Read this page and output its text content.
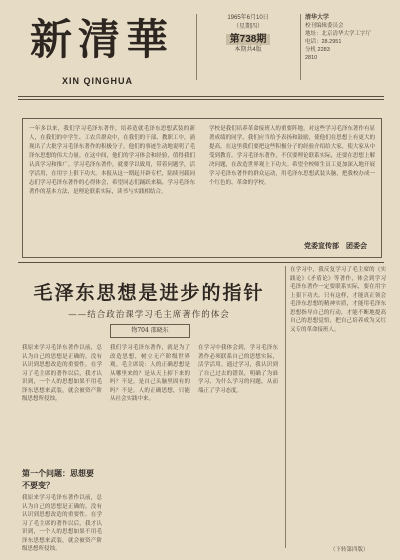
新清華
XIN QINGHUA
1965年6月10日
（星期四）
第738期
本期共4版
清华大学
校刊编辑委员会
地址：北京清华大学工字厅
电话：28.2951
分机 2283
2810
一年多以来，我们学习毛泽东著作，培养造就毛泽东思想武装的新人，在我们的中学生、工农兵群众中，在我们的干部、教职工中，涌现出了大批学习毛泽东著作的积极分子，他们的事迹生动地说明了毛泽东思想的伟大力量。在这中间，他们的学习体会和经验，值得我们认真学习和推广。学习毛泽东著作，就要学以致用，带着问题学，活学活用，在用字上狠下功夫。本报从这一期起开辟专栏，陆续刊载同志们学习毛泽东著作的心得体会，希望同志们踊跃来稿。学习毛泽东著作的基本方法，是理论联系实际，读书与实践相结合。
学校是我们培养革命接班人的重要阵地，对这些学习毛泽东著作有显著成绩的同学，我们应当给予表扬和鼓励，使他们在思想上有更大的提高。在这里我们要把这些积极分子的经验介绍给大家，使大家从中受到教育。学习毛泽东著作，不仅要理论联系实际，还要在思想上解决问题，在改造世界观上下功夫。希望全校师生员工更加深入地开展学习毛泽东著作的群众运动，用毛泽东思想武装头脑，把我校办成一个红色的、革命的学校。
党委宣传部　团委会
毛泽东思想是进步的指针
——结合政治课学习毛主席著作的体会
物704 邵晓东
我原来学习毛泽东著作以前，总认为自己的思想是正确的，没有认识到思想改造的重要性。在学习了毛主席的著作以后，我才认识到，一个人的思想如果不用毛泽东思想来武装，就会被资产阶级思想所侵蚀。
第一个问题：思想要
不要变？
我原来学习毛泽东著作以前，总认为自己的思想是正确的，没有认识到思想改造的重要性。在学习了毛主席的著作以后，我才认识到，一个人的思想如果不用毛泽东思想来武装，就会被资产阶级思想所侵蚀。
我们学习毛泽东著作，就是为了改造思想，树立无产阶级世界观。毛主席说：人的正确思想是从哪里来的？是从天上掉下来的吗？不是。是自己头脑里固有的吗？不是。人的正确思想，只能从社会实践中来。
在学习中我体会到，学习毛泽东著作必须联系自己的思想实际，活学活用。通过学习，我认识到了自己过去的错误，明确了为谁学习、为什么学习的问题，从而端正了学习态度。
在学习中，我反复学习了毛主席的《实践论》《矛盾论》等著作，体会到学习毛泽东著作一定要联系实际，要在用字上狠下功夫。只有这样，才能真正领会毛泽东思想的精神实质，才能用毛泽东思想指导自己的行动，才能不断地提高自己的思想觉悟，把自己培养成为又红又专的革命接班人。
（下转第四版）
